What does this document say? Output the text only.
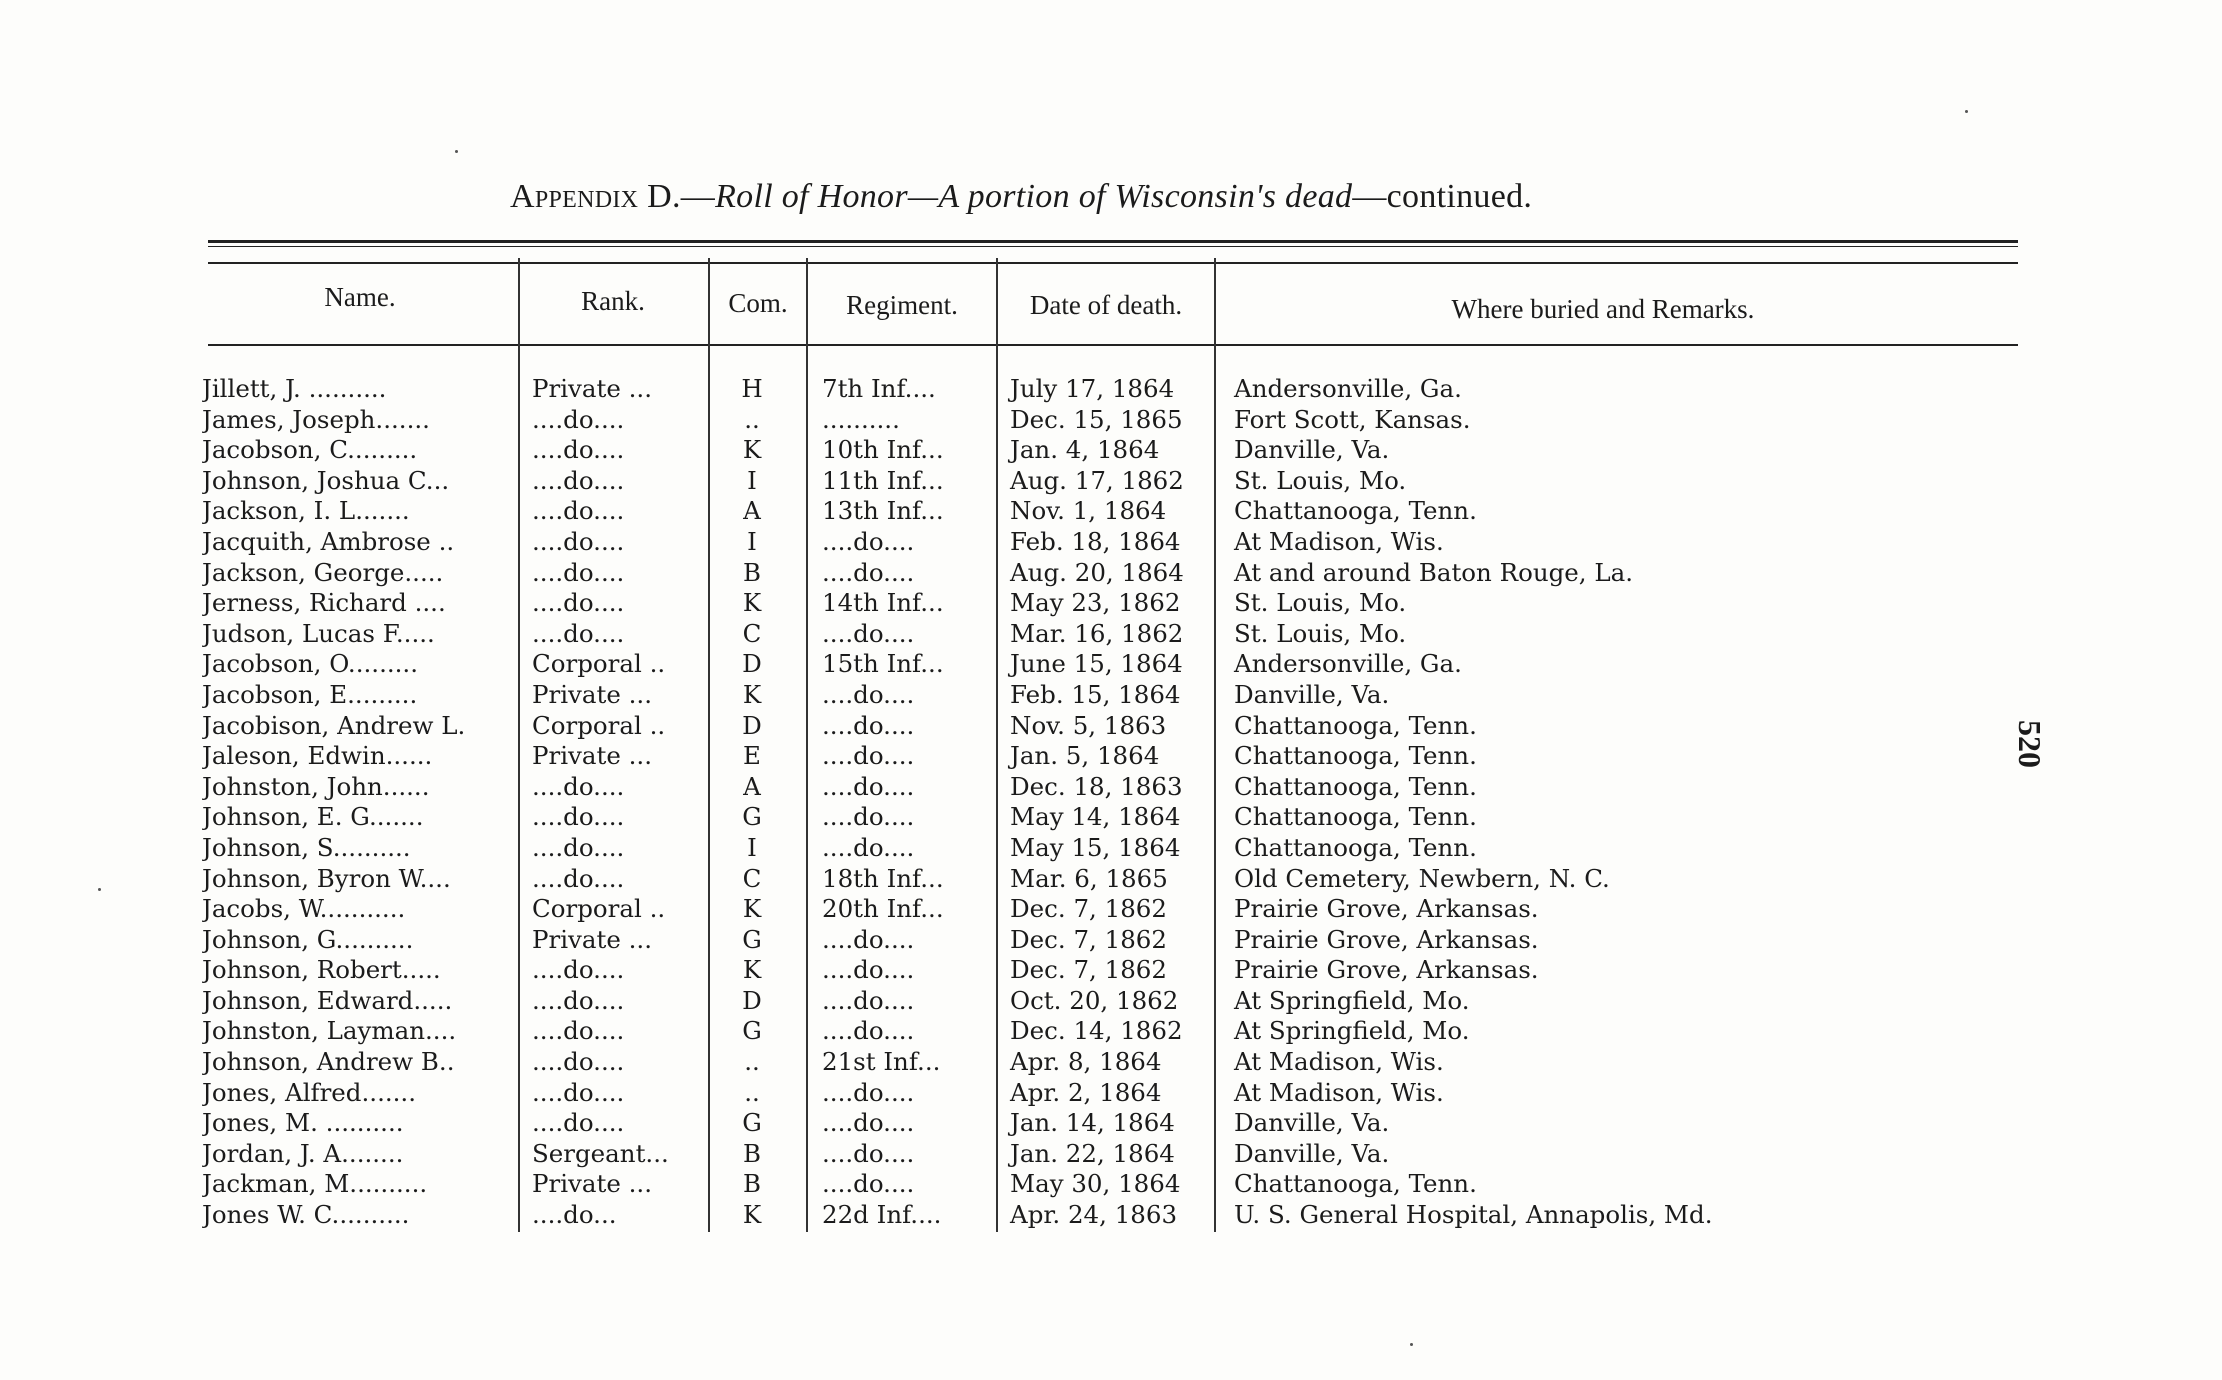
Appendix D.—Roll of Honor—A portion of Wisconsin's dead—continued.
Name.	Rank.	Com.	Regiment.	Date of death.	Where buried and Remarks.
Jillett, J. ..........	Private ...	H	7th Inf....	July 17, 1864	Andersonville, Ga.
James, Joseph.......	....do....	..	..........	Dec. 15, 1865	Fort Scott, Kansas.
Jacobson, C.........	....do....	K	10th Inf...	Jan. 4, 1864	Danville, Va.
Johnson, Joshua C...	....do....	I	11th Inf...	Aug. 17, 1862	St. Louis, Mo.
Jackson, I. L.......	....do....	A	13th Inf...	Nov. 1, 1864	Chattanooga, Tenn.
Jacquith, Ambrose ..	....do....	I	....do....	Feb. 18, 1864	At Madison, Wis.
Jackson, George.....	....do....	B	....do....	Aug. 20, 1864	At and around Baton Rouge, La.
Jerness, Richard ....	....do....	K	14th Inf...	May 23, 1862	St. Louis, Mo.
Judson, Lucas F.....	....do....	C	....do....	Mar. 16, 1862	St. Louis, Mo.
Jacobson, O.........	Corporal ..	D	15th Inf...	June 15, 1864	Andersonville, Ga.
Jacobson, E.........	Private ...	K	....do....	Feb. 15, 1864	Danville, Va.
Jacobison, Andrew L.	Corporal ..	D	....do....	Nov. 5, 1863	Chattanooga, Tenn.
Jaleson, Edwin......	Private ...	E	....do....	Jan. 5, 1864	Chattanooga, Tenn.
Johnston, John......	....do....	A	....do....	Dec. 18, 1863	Chattanooga, Tenn.
Johnson, E. G.......	....do....	G	....do....	May 14, 1864	Chattanooga, Tenn.
Johnson, S..........	....do....	I	....do....	May 15, 1864	Chattanooga, Tenn.
Johnson, Byron W....	....do....	C	18th Inf...	Mar. 6, 1865	Old Cemetery, Newbern, N. C.
Jacobs, W...........	Corporal ..	K	20th Inf...	Dec. 7, 1862	Prairie Grove, Arkansas.
Johnson, G..........	Private ...	G	....do....	Dec. 7, 1862	Prairie Grove, Arkansas.
Johnson, Robert.....	....do....	K	....do....	Dec. 7, 1862	Prairie Grove, Arkansas.
Johnson, Edward.....	....do....	D	....do....	Oct. 20, 1862	At Springfield, Mo.
Johnston, Layman....	....do....	G	....do....	Dec. 14, 1862	At Springfield, Mo.
Johnson, Andrew B..	....do....	..	21st Inf...	Apr. 8, 1864	At Madison, Wis.
Jones, Alfred.......	....do....	..	....do....	Apr. 2, 1864	At Madison, Wis.
Jones, M. ..........	....do....	G	....do....	Jan. 14, 1864	Danville, Va.
Jordan, J. A........	Sergeant...	B	....do....	Jan. 22, 1864	Danville, Va.
Jackman, M..........	Private ...	B	....do....	May 30, 1864	Chattanooga, Tenn.
Jones W. C..........	....do...	K	22d Inf....	Apr. 24, 1863	U. S. General Hospital, Annapolis, Md.
520
